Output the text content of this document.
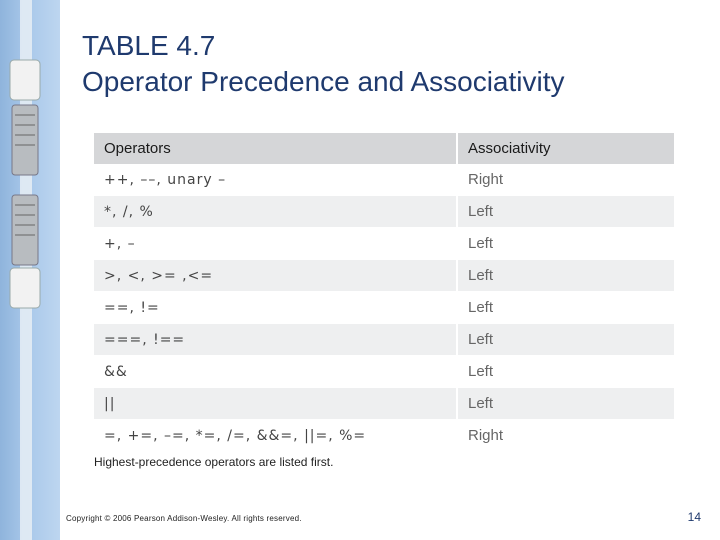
TABLE 4.7
Operator Precedence and Associativity
Operators	Associativity
++, ––, unary –	Right
*, /, %	Left
+, –	Left
>, <, >= ,<=	Left
==, !=	Left
===, !==	Left
&&	Left
||	Left
=, +=, –=, *=, /=, &&=, ||=, %=	Right
Highest-precedence operators are listed first.
Copyright © 2006 Pearson Addison-Wesley. All rights reserved.	14
